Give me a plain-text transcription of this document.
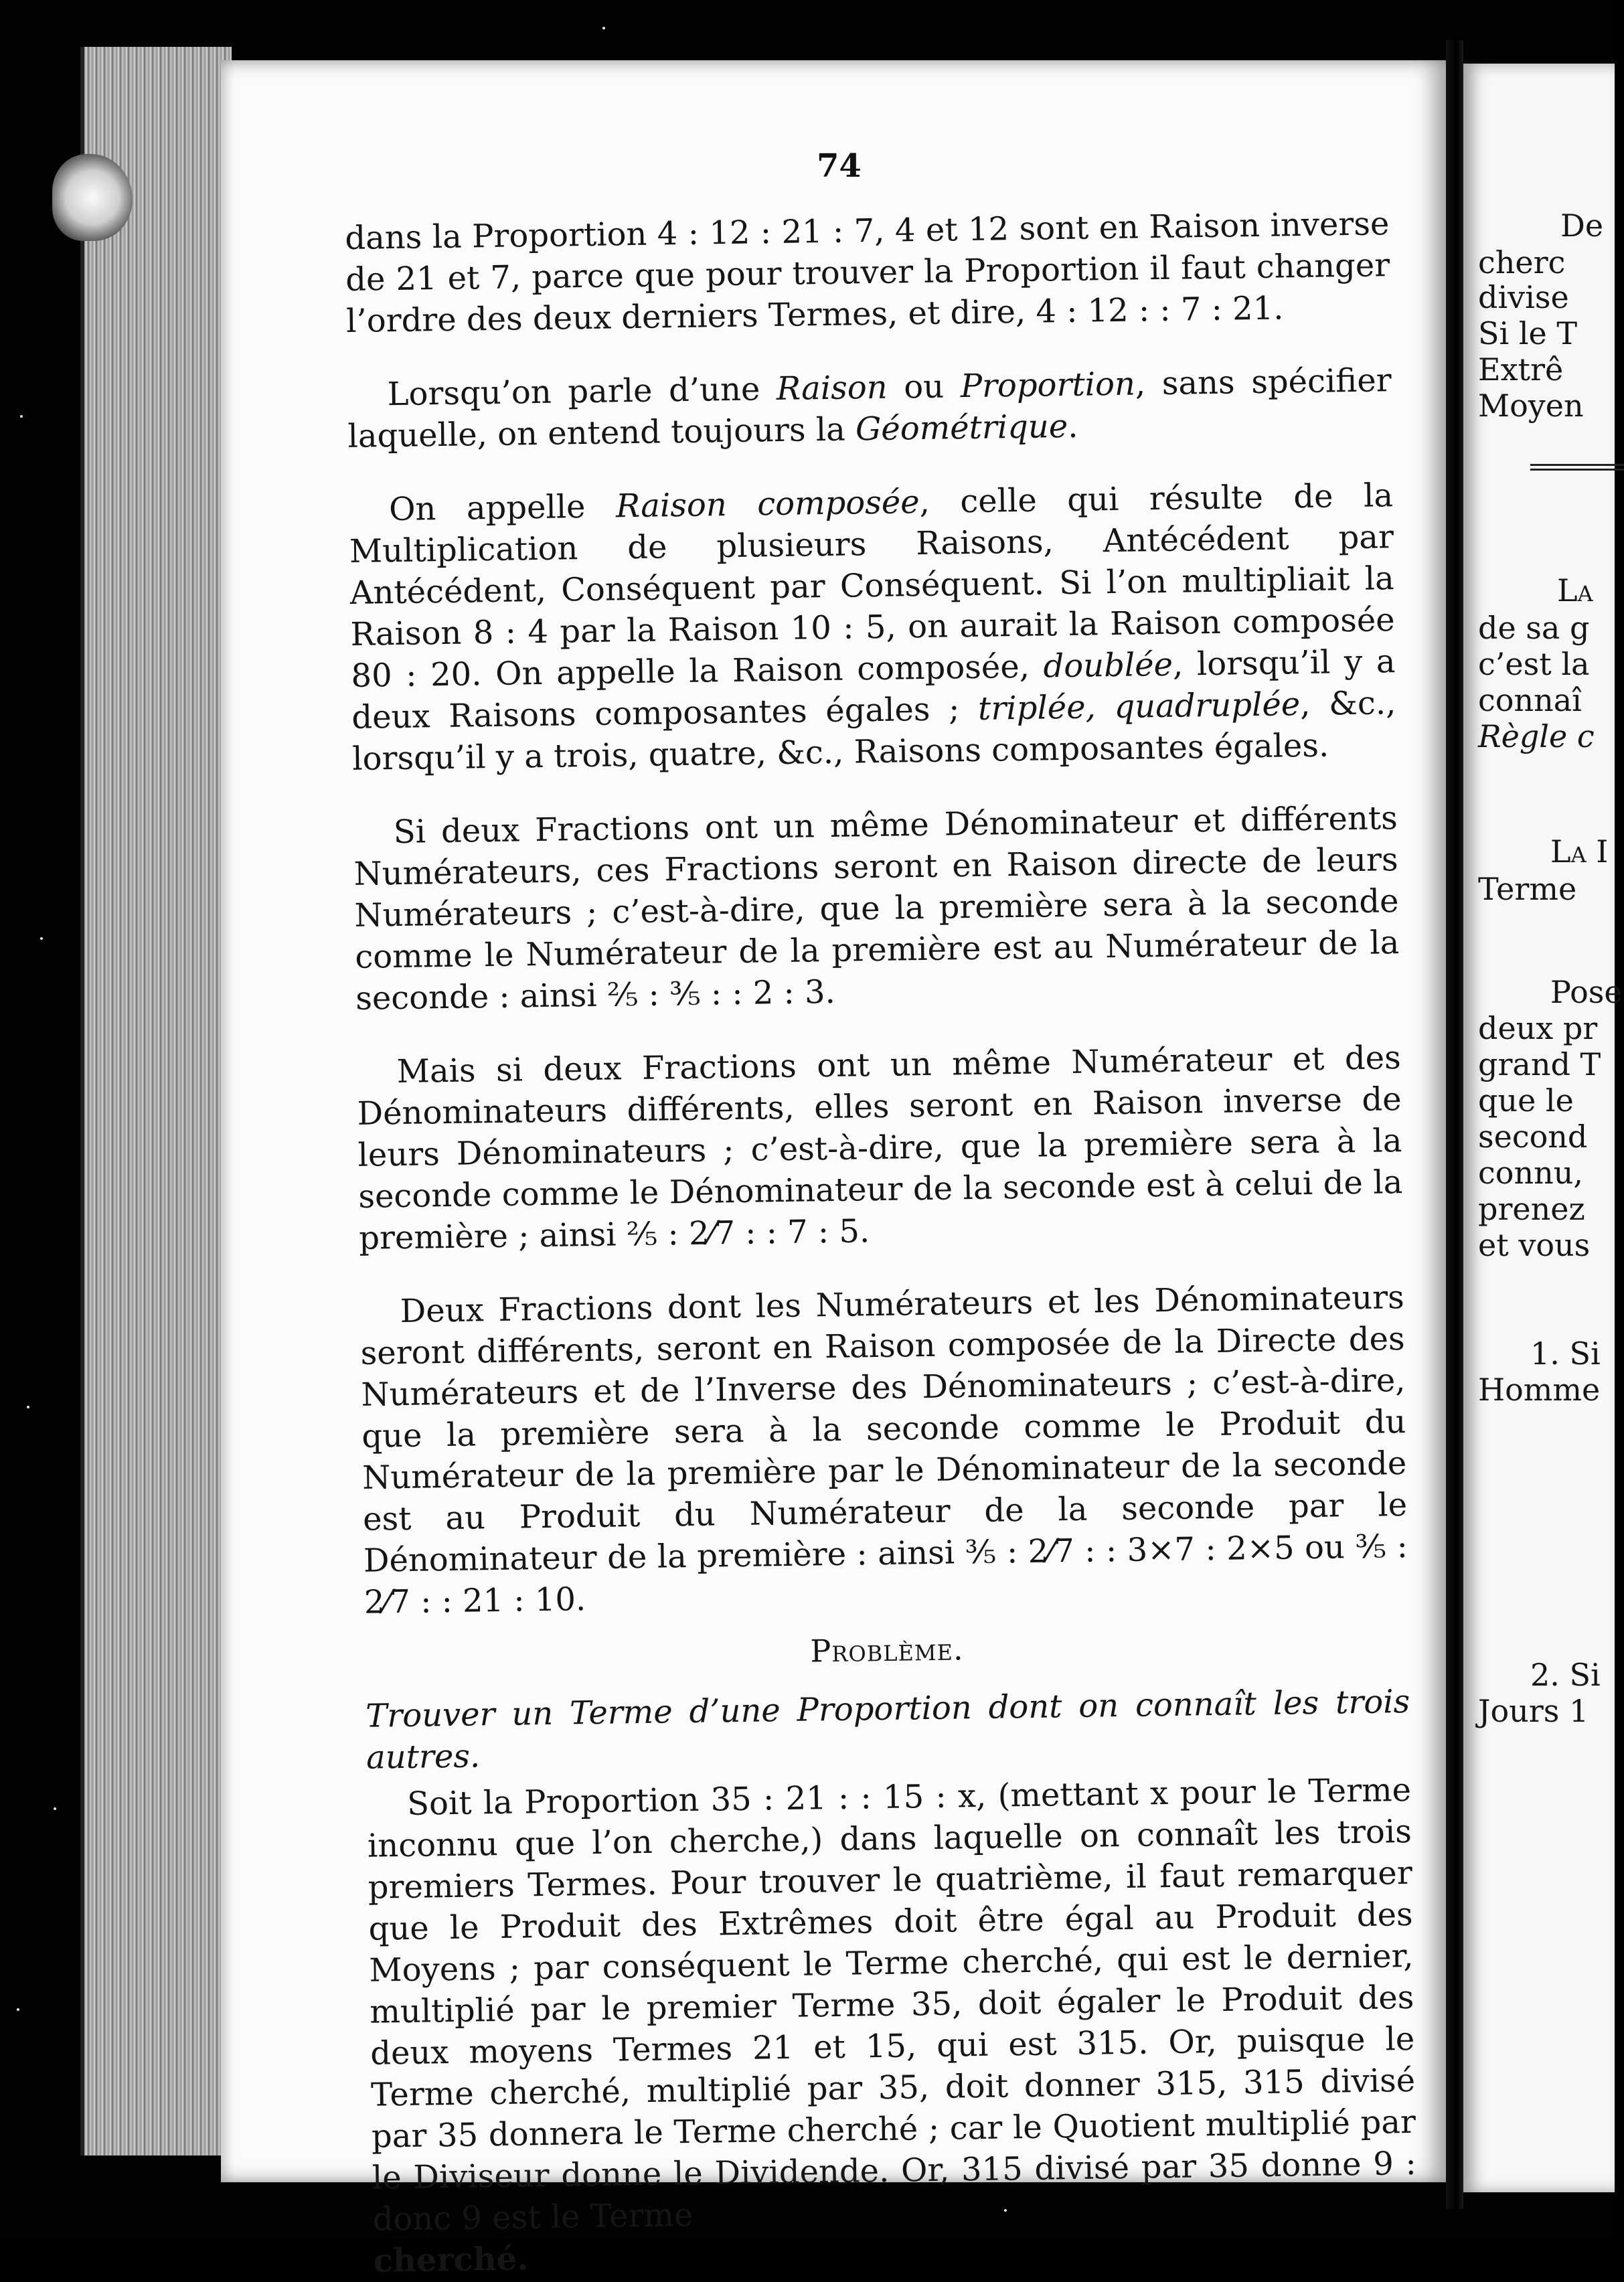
74

dans la Proportion 4 : 12 : 21 : 7, 4 et 12 sont en Raison inverse de 21 et 7, parce que pour trouver la Proportion il faut changer l’ordre des deux derniers Termes, et dire, 4 : 12 : : 7 : 21.

Lorsqu’on parle d’une Raison ou Proportion, sans spécifier laquelle, on entend toujours la Géométrique.

On appelle Raison composée, celle qui résulte de la Multiplication de plusieurs Raisons, Antécédent par Antécédent, Conséquent par Conséquent. Si l’on multipliait la Raison 8 : 4 par la Raison 10 : 5, on aurait la Raison composée 80 : 20. On appelle la Raison composée, doublée, lorsqu’il y a deux Raisons composantes égales ; triplée, quadruplée, &c., lorsqu’il y a trois, quatre, &c., Raisons composantes égales.

Si deux Fractions ont un même Dénominateur et différents Numérateurs, ces Fractions seront en Raison directe de leurs Numérateurs ; c’est-à-dire, que la première sera à la seconde comme le Numérateur de la première est au Numérateur de la seconde : ainsi ⅖ : ⅗ : : 2 : 3.

Mais si deux Fractions ont un même Numérateur et des Dénominateurs différents, elles seront en Raison inverse de leurs Dénominateurs ; c’est-à-dire, que la première sera à la seconde comme le Dénominateur de la seconde est à celui de la première ; ainsi ⅖ : 2⁄7 : : 7 : 5.

Deux Fractions dont les Numérateurs et les Dénominateurs seront différents, seront en Raison composée de la Directe des Numérateurs et de l’Inverse des Dénominateurs ; c’est-à-dire, que la première sera à la seconde comme le Produit du Numérateur de la première par le Dénominateur de la seconde est au Produit du Numérateur de la seconde par le Dénominateur de la première : ainsi ⅗ : 2⁄7 : : 3×7 : 2×5 ou ⅗ : 2⁄7 : : 21 : 10.

Problème.
Trouver un Terme d’une Proportion dont on connaît les trois autres.

Soit la Proportion 35 : 21 : : 15 : x, (mettant x pour le Terme inconnu que l’on cherche,) dans laquelle on connaît les trois premiers Termes. Pour trouver le quatrième, il faut remarquer que le Produit des Extrêmes doit être égal au Produit des Moyens ; par conséquent le Terme cherché, qui est le dernier, multiplié par le premier Terme 35, doit égaler le Produit des deux moyens Termes 21 et 15, qui est 315. Or, puisque le Terme cherché, multiplié par 35, doit donner 315, 315 divisé par 35 donnera le Terme cherché ; car le Quotient multiplié par le Diviseur donne le Dividende. Or, 315 divisé par 35 donne 9 : donc 9 est le Terme
cherché.

De
cherc
divise
Si le T
Extrê
Moyen
La
de sa g
c’est la
connaî
Règle c
La I
Terme
Pose
deux pr
grand T
que le
second
connu,
prenez
et vous
1. Si
Homme
2. Si
Jours 1
